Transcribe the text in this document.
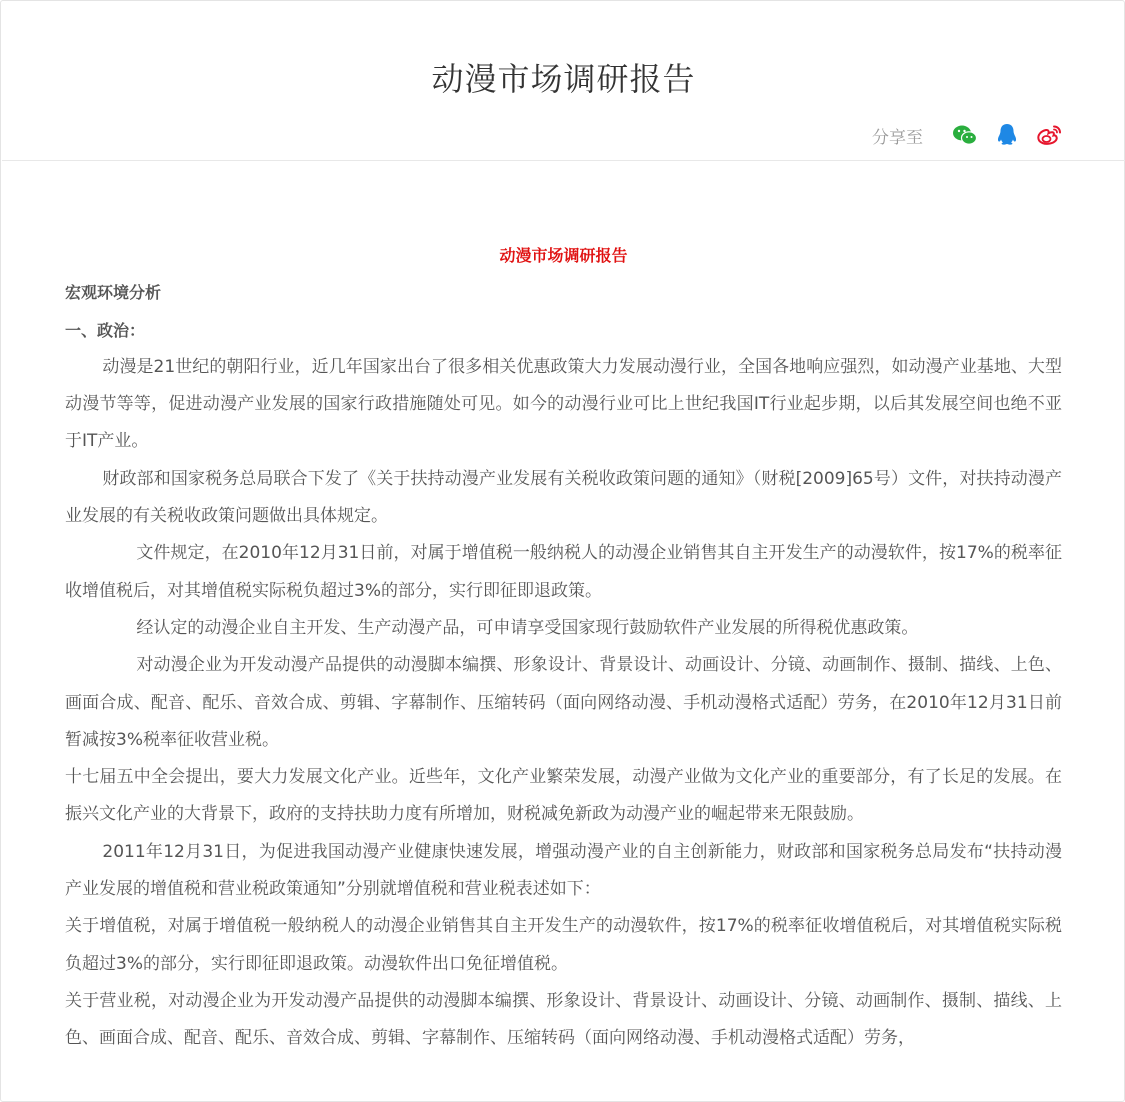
动漫市场调研报告
分享至

动漫市场调研报告

宏观环境分析

一、政治：

动漫是21世纪的朝阳行业，近几年国家出台了很多相关优惠政策大力发展动漫行业，全国各地响应强烈，如动漫产业基地、大型动漫节等等，促进动漫产业发展的国家行政措施随处可见。如今的动漫行业可比上世纪我国IT行业起步期，以后其发展空间也绝不亚于IT产业。

财政部和国家税务总局联合下发了《关于扶持动漫产业发展有关税收政策问题的通知》（财税[2009]65号）文件，对扶持动漫产业发展的有关税收政策问题做出具体规定。

文件规定，在2010年12月31日前，对属于增值税一般纳税人的动漫企业销售其自主开发生产的动漫软件，按17%的税率征收增值税后，对其增值税实际税负超过3%的部分，实行即征即退政策。

经认定的动漫企业自主开发、生产动漫产品，可申请享受国家现行鼓励软件产业发展的所得税优惠政策。

对动漫企业为开发动漫产品提供的动漫脚本编撰、形象设计、背景设计、动画设计、分镜、动画制作、摄制、描线、上色、画面合成、配音、配乐、音效合成、剪辑、字幕制作、压缩转码（面向网络动漫、手机动漫格式适配）劳务，在2010年12月31日前暂减按3%税率征收营业税。

十七届五中全会提出，要大力发展文化产业。近些年，文化产业繁荣发展，动漫产业做为文化产业的重要部分，有了长足的发展。在振兴文化产业的大背景下，政府的支持扶助力度有所增加，财税减免新政为动漫产业的崛起带来无限鼓励。

2011年12月31日，为促进我国动漫产业健康快速发展，增强动漫产业的自主创新能力，财政部和国家税务总局发布“扶持动漫产业发展的增值税和营业税政策通知”分别就增值税和营业税表述如下：

关于增值税，对属于增值税一般纳税人的动漫企业销售其自主开发生产的动漫软件，按17%的税率征收增值税后，对其增值税实际税负超过3%的部分，实行即征即退政策。动漫软件出口免征增值税。

关于营业税，对动漫企业为开发动漫产品提供的动漫脚本编撰、形象设计、背景设计、动画设计、分镜、动画制作、摄制、描线、上色、画面合成、配音、配乐、音效合成、剪辑、字幕制作、压缩转码（面向网络动漫、手机动漫格式适配）劳务，
